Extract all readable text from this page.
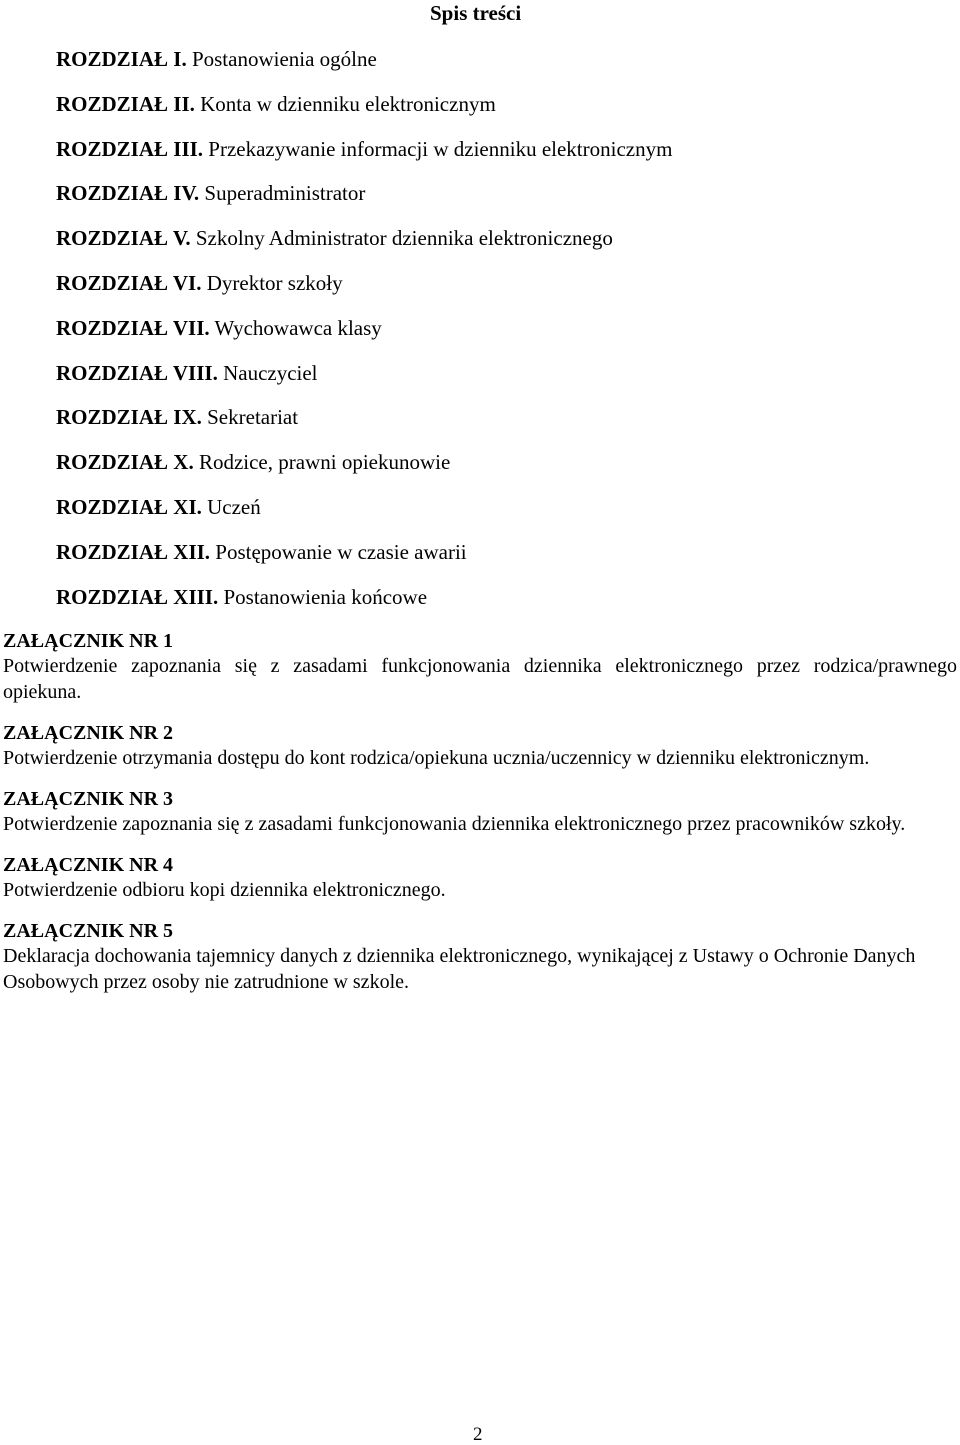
Spis treści
ROZDZIAŁ I. Postanowienia ogólne
ROZDZIAŁ II. Konta w dzienniku elektronicznym
ROZDZIAŁ III. Przekazywanie informacji w dzienniku elektronicznym
ROZDZIAŁ IV. Superadministrator
ROZDZIAŁ V. Szkolny Administrator dziennika elektronicznego
ROZDZIAŁ VI. Dyrektor szkoły
ROZDZIAŁ VII. Wychowawca klasy
ROZDZIAŁ VIII. Nauczyciel
ROZDZIAŁ IX. Sekretariat
ROZDZIAŁ X. Rodzice, prawni opiekunowie
ROZDZIAŁ XI. Uczeń
ROZDZIAŁ XII. Postępowanie w czasie awarii
ROZDZIAŁ XIII. Postanowienia końcowe
ZAŁĄCZNIK NR 1
Potwierdzenie zapoznania się z zasadami funkcjonowania dziennika elektronicznego przez rodzica/prawnego opiekuna.
ZAŁĄCZNIK NR 2
Potwierdzenie otrzymania dostępu do kont rodzica/opiekuna ucznia/uczennicy w dzienniku elektronicznym.
ZAŁĄCZNIK NR 3
Potwierdzenie zapoznania się z zasadami funkcjonowania dziennika elektronicznego przez pracowników szkoły.
ZAŁĄCZNIK NR 4
Potwierdzenie odbioru kopi dziennika elektronicznego.
ZAŁĄCZNIK NR 5
Deklaracja dochowania tajemnicy danych z dziennika elektronicznego, wynikającej z Ustawy o Ochronie Danych Osobowych przez osoby nie zatrudnione w szkole.
2
